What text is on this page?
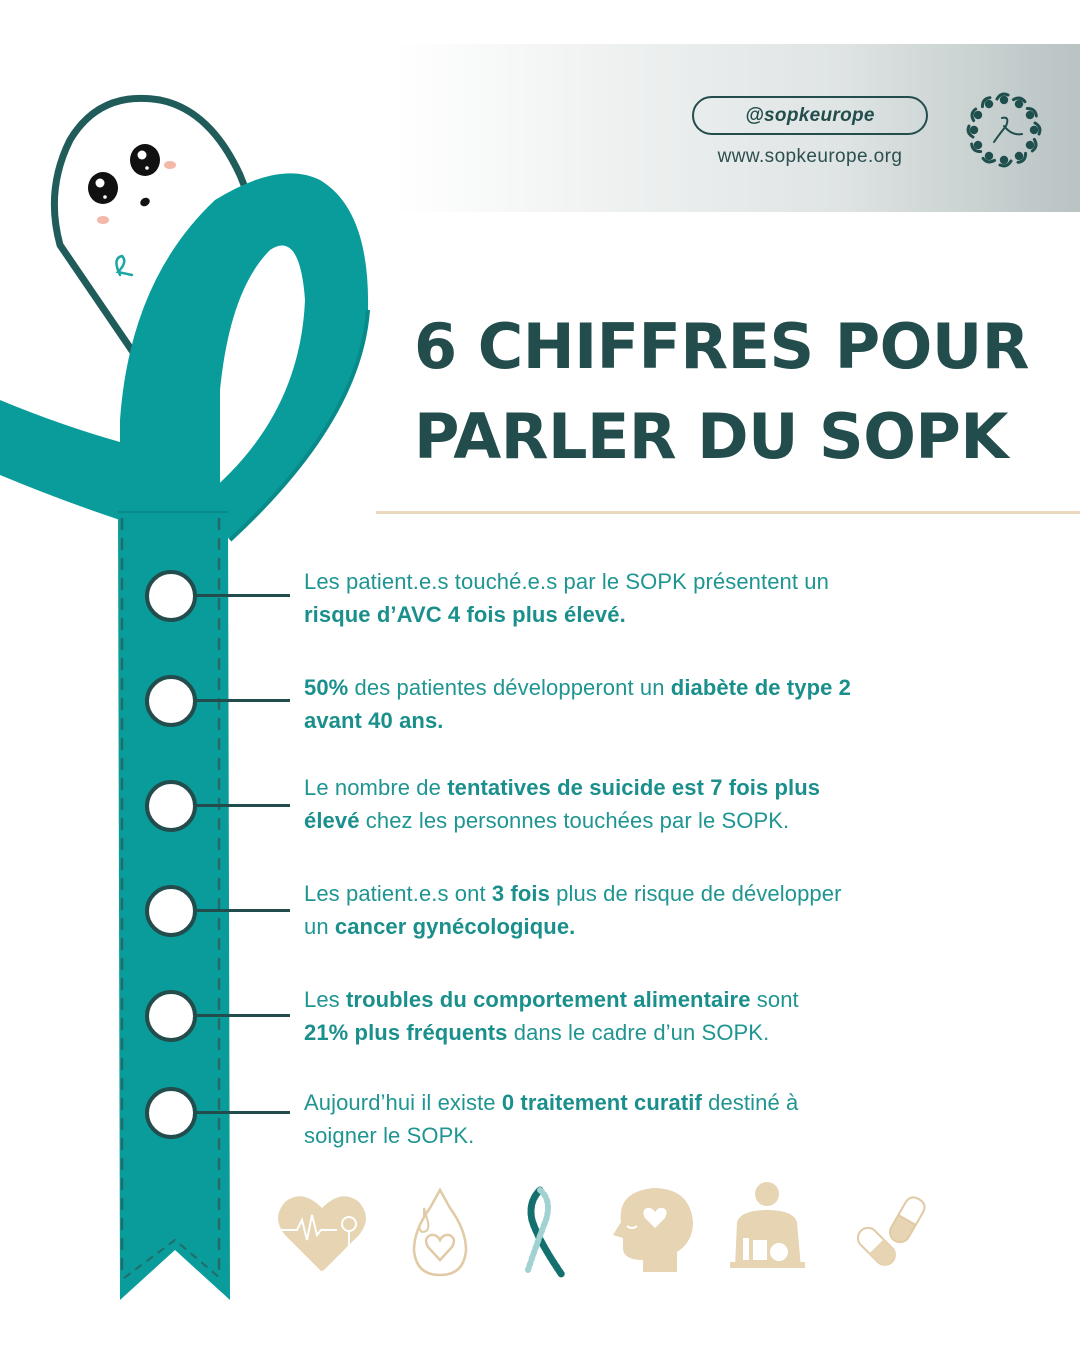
@sopkeurope
www.sopkeurope.org
6 CHIFFRES POUR
PARLER DU SOPK
Les patient.e.s touché.e.s par le SOPK présentent un
risque d’AVC 4 fois plus élevé.
50% des patientes développeront un diabète de type 2
avant 40 ans.
Le nombre de tentatives de suicide est 7 fois plus
élevé chez les personnes touchées par le SOPK.
Les patient.e.s ont 3 fois plus de risque de développer
un cancer gynécologique.
Les troubles du comportement alimentaire sont
21% plus fréquents dans le cadre d’un SOPK.
Aujourd’hui il existe 0 traitement curatif destiné à
soigner le SOPK.
